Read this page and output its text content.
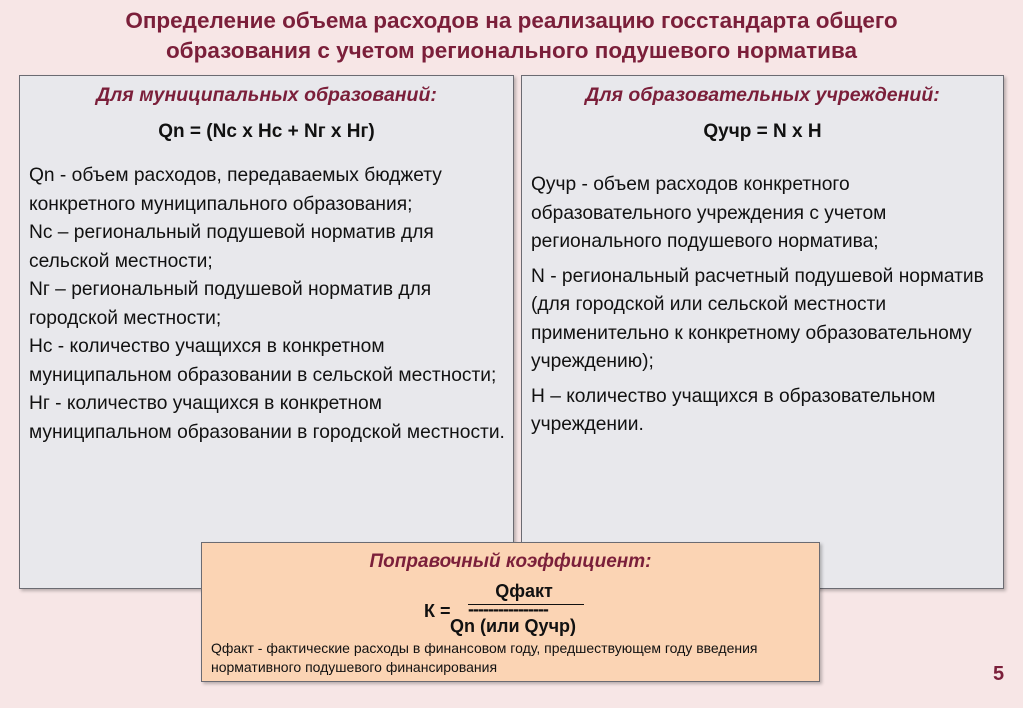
Определение объема расходов на реализацию госстандарта общего
образования с учетом регионального подушевого норматива
Для муниципальных образований:
Qn = (Nc x Hc + Nг x Hг)

Qn - объем расходов, передаваемых бюджету конкретного муниципального образования;

Nc – региональный подушевой норматив для сельской местности;

Nг – региональный подушевой норматив для городской местности;

Hc - количество учащихся в конкретном муниципальном образовании в сельской местности;

Hг - количество учащихся в конкретном муниципальном образовании в городской местности.

Для образовательных учреждений:
Qучр = N x H

Qучр - объем расходов конкретного образовательного учреждения с учетом регионального подушевого норматива;

N - региональный расчетный подушевой норматив (для городской или сельской местности применительно к конкретному образовательному учреждению);

H – количество учащихся в образовательном учреждении.

Поправочный коэффициент:
К =
Qфакт
----------------
Qn (или Qучр)
Qфакт - фактические расходы в финансовом году, предшествующем году введения нормативного подушевого финансирования	5
